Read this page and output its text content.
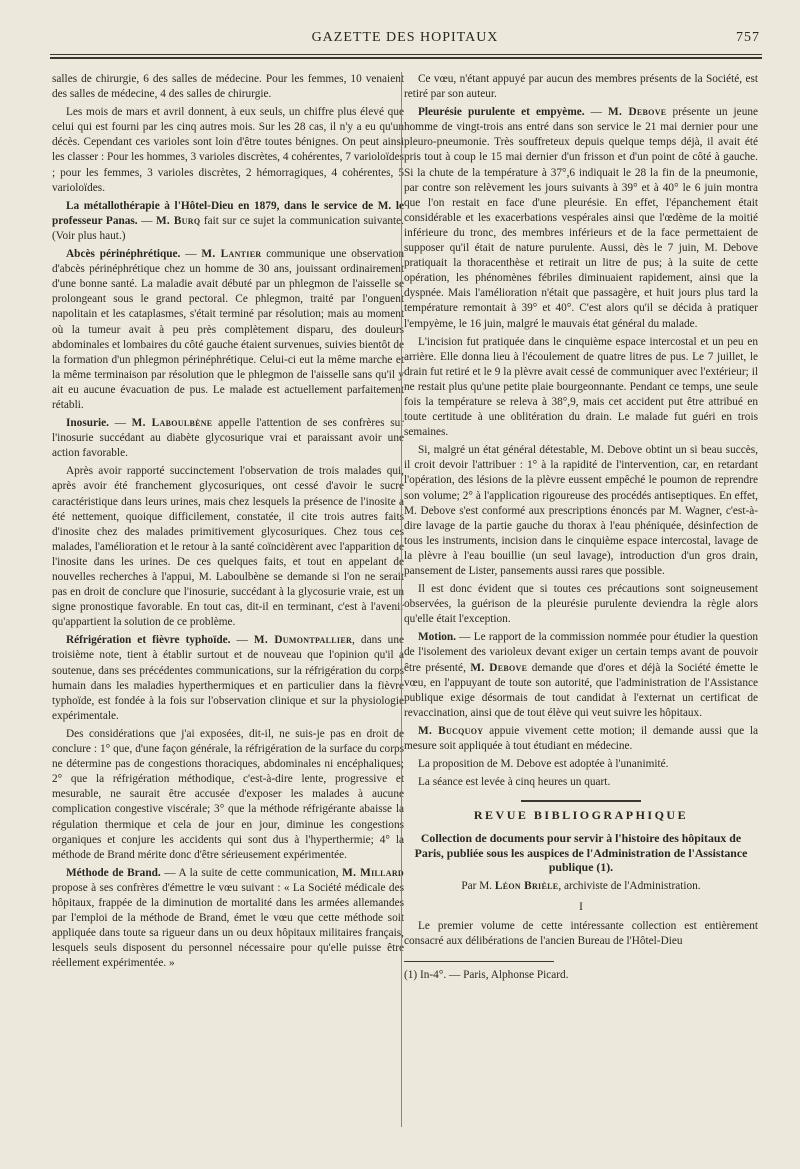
GAZETTE DES HOPITAUX	757

salles de chirurgie, 6 des salles de médecine. Pour les femmes, 10 venaient des salles de médecine, 4 des salles de chirurgie.

Les mois de mars et avril donnent, à eux seuls, un chiffre plus élevé que celui qui est fourni par les cinq autres mois. Sur les 28 cas, il n'y a eu qu'un décès. Cependant ces varioles sont loin d'être toutes bénignes. On peut ainsi les classer : Pour les hommes, 3 varioles discrètes, 4 cohérentes, 7 varioloïdes ; pour les femmes, 3 varioles discrètes, 2 hémorragiques, 4 cohérentes, 5 varioloïdes.

La métallothérapie à l'Hôtel-Dieu en 1879, dans le service de M. le professeur Panas. — M. Burq fait sur ce sujet la communication suivante. (Voir plus haut.)

Abcès périnéphrétique. — M. Lantier communique une observation d'abcès périnéphrétique chez un homme de 30 ans, jouissant ordinairement d'une bonne santé. La maladie avait débuté par un phlegmon de l'aisselle se prolongeant sous le grand pectoral. Ce phlegmon, traité par l'onguent napolitain et les cataplasmes, s'était terminé par résolution; mais au moment où la tumeur avait à peu près complètement disparu, des douleurs abdominales et lombaires du côté gauche étaient survenues, suivies bientôt de la formation d'un phlegmon périnéphrétique. Celui-ci eut la même marche et la même terminaison par résolution que le phlegmon de l'aisselle sans qu'il y ait eu aucune évacuation de pus. Le malade est actuellement parfaitement rétabli.

Inosurie. — M. Laboulbène appelle l'attention de ses confrères sur l'inosurie succédant au diabète glycosurique vrai et paraissant avoir une action favorable.

Après avoir rapporté succinctement l'observation de trois malades qui, après avoir été franchement glycosuriques, ont cessé d'avoir le sucre caractéristique dans leurs urines, mais chez lesquels la présence de l'inosite a été nettement, quoique difficilement, constatée, il cite trois autres faits d'inosite chez des malades primitivement glycosuriques. Chez tous ces malades, l'amélioration et le retour à la santé coïncidèrent avec l'apparition de l'inosite dans les urines. De ces quelques faits, et tout en appelant de nouvelles recherches à l'appui, M. Laboulbène se demande si l'on ne serait pas en droit de conclure que l'inosurie, succédant à la glycosurie vraie, est un signe pronostique favorable. En tout cas, dit-il en terminant, c'est à l'avenir qu'appartient la solution de ce problème.

Réfrigération et fièvre typhoïde. — M. Dumontpallier, dans une troisième note, tient à établir surtout et de nouveau que l'opinion qu'il a soutenue, dans ses précédentes communications, sur la réfrigération du corps humain dans les maladies hyperthermiques et en particulier dans la fièvre typhoïde, est fondée à la fois sur l'observation clinique et sur la physiologie expérimentale.

Des considérations que j'ai exposées, dit-il, ne suis-je pas en droit de conclure : 1° que, d'une façon générale, la réfrigération de la surface du corps ne détermine pas de congestions thoraciques, abdominales ni encéphaliques; 2° que la réfrigération méthodique, c'est-à-dire lente, progressive et mesurable, ne saurait être accusée d'exposer les malades à aucune complication congestive viscérale; 3° que la méthode réfrigérante abaisse la régulation thermique et cela de jour en jour, diminue les congestions organiques et conjure les accidents qui sont dus à l'hyperthermie; 4° la méthode de Brand mérite donc d'être sérieusement expérimentée.

Méthode de Brand. — A la suite de cette communication, M. Millard propose à ses confrères d'émettre le vœu suivant : « La Société médicale des hôpitaux, frappée de la diminution de mortalité dans les armées allemandes par l'emploi de la méthode de Brand, émet le vœu que cette méthode soit appliquée dans toute sa rigueur dans un ou deux hôpitaux militaires français, lesquels seuls disposent du personnel nécessaire pour qu'elle puisse être réellement expérimentée. »

Ce vœu, n'étant appuyé par aucun des membres présents de la Société, est retiré par son auteur.

Pleurésie purulente et empyème. — M. Debove présente un jeune homme de vingt-trois ans entré dans son service le 21 mai dernier pour une pleuro-pneumonie. Très souffreteux depuis quelque temps déjà, il avait été pris tout à coup le 15 mai dernier d'un frisson et d'un point de côté à gauche. Si la chute de la température à 37°,6 indiquait le 28 la fin de la pneumonie, par contre son relèvement les jours suivants à 39° et à 40° le 6 juin montra que l'on restait en face d'une pleurésie. En effet, l'épanchement était considérable et les exacerbations vespérales ainsi que l'œdème de la moitié inférieure du tronc, des membres inférieurs et de la face permettaient de supposer qu'il était de nature purulente. Aussi, dès le 7 juin, M. Debove pratiquait la thoracenthèse et retirait un litre de pus; à la suite de cette opération, les phénomènes fébriles diminuaient rapidement, ainsi que la dyspnée. Mais l'amélioration n'était que passagère, et huit jours plus tard la température remontait à 39° et 40°. C'est alors qu'il se décida à pratiquer l'empyème, le 16 juin, malgré le mauvais état général du malade.

L'incision fut pratiquée dans le cinquième espace intercostal et un peu en arrière. Elle donna lieu à l'écoulement de quatre litres de pus. Le 7 juillet, le drain fut retiré et le 9 la plèvre avait cessé de communiquer avec l'extérieur; il ne restait plus qu'une petite plaie bourgeonnante. Pendant ce temps, une seule fois la température se releva à 38°,9, mais cet accident put être attribué en toute certitude à une oblitération du drain. Le malade fut guéri en trois semaines.

Si, malgré un état général détestable, M. Debove obtint un si beau succès, il croit devoir l'attribuer : 1° à la rapidité de l'intervention, car, en retardant l'opération, des lésions de la plèvre eussent empêché le poumon de reprendre son volume; 2° à l'application rigoureuse des procédés antiseptiques. En effet, M. Debove s'est conformé aux prescriptions énoncés par M. Wagner, c'est-à-dire lavage de la partie gauche du thorax à l'eau phéniquée, désinfection de tous les instruments, incision dans le cinquième espace intercostal, lavage de la plèvre à l'eau bouillie (un seul lavage), introduction d'un gros drain, pansement de Lister, pansements aussi rares que possible.

Il est donc évident que si toutes ces précautions sont soigneusement observées, la guérison de la pleurésie purulente deviendra la règle alors qu'elle était l'exception.

Motion. — Le rapport de la commission nommée pour étudier la question de l'isolement des varioleux devant exiger un certain temps avant de pouvoir être présenté, M. Debove demande que d'ores et déjà la Société émette le vœu, en l'appuyant de toute son autorité, que l'administration de l'Assistance publique exige désormais de tout candidat à l'externat un certificat de revaccination, ainsi que de tout élève qui veut suivre les hôpitaux.

M. Bucquoy appuie vivement cette motion; il demande aussi que la mesure soit appliquée à tout étudiant en médecine.

La proposition de M. Debove est adoptée à l'unanimité.

La séance est levée à cinq heures un quart.

REVUE BIBLIOGRAPHIQUE

Collection de documents pour servir à l'histoire des hôpitaux de Paris, publiée sous les auspices de l'Administration de l'Assistance publique (1).

Par M. Léon Brièle, archiviste de l'Administration.

I

Le premier volume de cette intéressante collection est entièrement consacré aux délibérations de l'ancien Bureau de l'Hôtel-Dieu

(1) In-4°. — Paris, Alphonse Picard.
